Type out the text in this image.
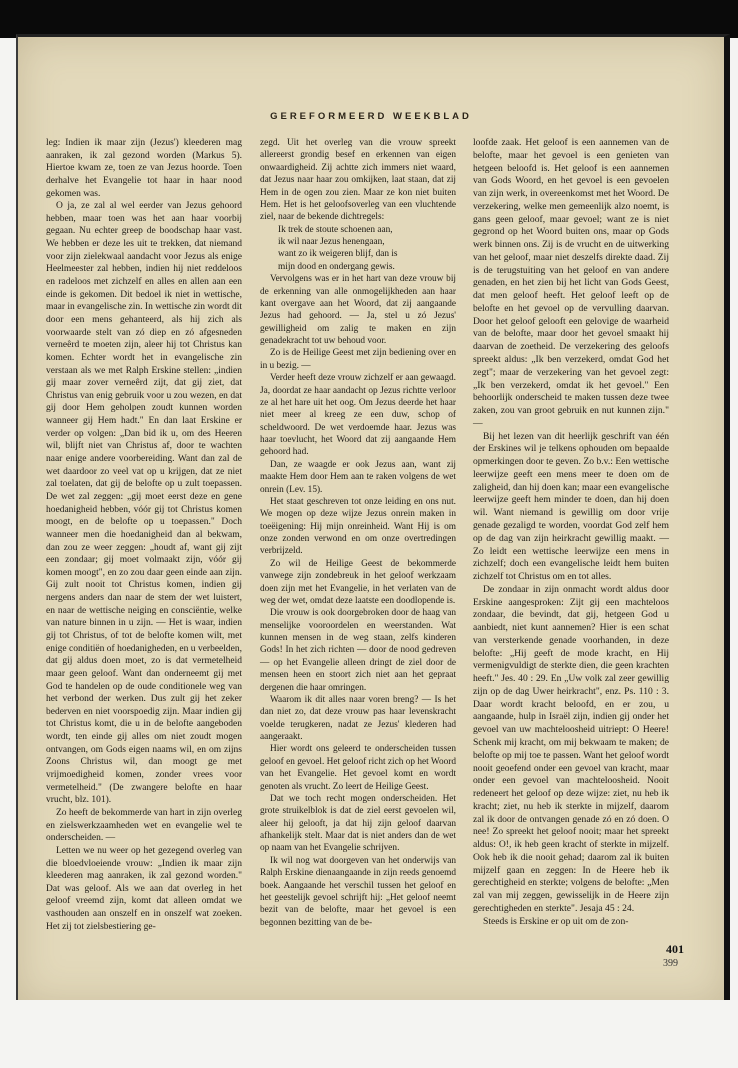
GEREFORMEERD WEEKBLAD

leg: Indien ik maar zijn (Jezus') kleederen mag aanraken, ik zal gezond worden (Markus 5). Hiertoe kwam ze, toen ze van Jezus hoorde. Toen derhalve het Evangelie tot haar in haar nood gekomen was.

O ja, ze zal al wel eerder van Jezus gehoord hebben, maar toen was het aan haar voorbij gegaan. Nu echter greep de boodschap haar vast. We hebben er deze les uit te trekken, dat niemand voor zijn zielekwaal aandacht voor Jezus als enige Heelmeester zal hebben, indien hij niet reddeloos en radeloos met zichzelf en alles en allen aan een einde is gekomen. Dit bedoel ik niet in wettische, maar in evangelische zin. In wettische zin wordt dit door een mens gehanteerd, als hij zich als voorwaarde stelt van zó diep en zó afgesneden verneêrd te moeten zijn, aleer hij tot Christus kan komen. Echter wordt het in evangelische zin verstaan als we met Ralph Erskine stellen: „indien gij maar zover verneêrd zijt, dat gij ziet, dat Christus van enig gebruik voor u zou wezen, en dat gij door Hem geholpen zoudt kunnen worden wanneer gij Hem hadt." En dan laat Erskine er verder op volgen: „Dan bid ik u, om des Heeren wil, blijft niet van Christus af, door te wachten naar enige andere voorbereiding. Want dan zal de wet daardoor zo veel vat op u krijgen, dat ze niet zal toelaten, dat gij de belofte op u zult toepassen. De wet zal zeggen: „gij moet eerst deze en gene hoedanigheid hebben, vóór gij tot Christus komen moogt, en de belofte op u toepassen." Doch wanneer men die hoedanigheid dan al bekwam, dan zou ze weer zeggen: „houdt af, want gij zijt een zondaar; gij moet volmaakt zijn, vóór gij komen moogt", en zo zou daar geen einde aan zijn. Gij zult nooit tot Christus komen, indien gij nergens anders dan naar de stem der wet luistert, en naar de wettische neiging en consciëntie, welke van nature binnen in u zijn. — Het is waar, indien gij tot Christus, of tot de belofte komen wilt, met enige conditiën of hoedanigheden, en u verbeelden, dat gij aldus doen moet, zo is dat vermetelheid maar geen geloof. Want dan onderneemt gij met God te handelen op de oude conditionele weg van het verbond der werken. Dus zult gij het zeker bederven en niet voorspoedig zijn. Maar indien gij tot Christus komt, die u in de belofte aangeboden wordt, ten einde gij alles om niet zoudt mogen ontvangen, om Gods eigen naams wil, en om zijns Zoons Christus wil, dan moogt ge met vrijmoedigheid komen, zonder vrees voor vermetelheid." (De zwangere belofte en haar vrucht, blz. 101).

Zo heeft de bekommerde van hart in zijn overleg en zielswerkzaamheden wet en evangelie wel te onderscheiden. —

Letten we nu weer op het gezegend overleg van die bloedvloeiende vrouw: „Indien ik maar zijn kleederen mag aanraken, ik zal gezond worden." Dat was geloof. Als we aan dat overleg in het geloof vreemd zijn, komt dat alleen omdat we vasthouden aan onszelf en in onszelf wat zoeken. Het zij tot zielsbestiering ge-

zegd. Uit het overleg van die vrouw spreekt allereerst grondig besef en erkennen van eigen onwaardigheid. Zij achtte zich immers niet waard, dat Jezus naar haar zou omkijken, laat staan, dat zij Hem in de ogen zou zien. Maar ze kon niet buiten Hem. Het is het geloofsoverleg van een vluchtende ziel, naar de bekende dichtregels:

Ik trek de stoute schoenen aan,
ik wil naar Jezus henengaan,
want zo ik weigeren blijf, dan is
mijn dood en ondergang gewis.

Vervolgens was er in het hart van deze vrouw bij de erkenning van alle onmogelijkheden aan haar kant overgave aan het Woord, dat zij aangaande Jezus had gehoord. — Ja, stel u zó Jezus' gewilligheid om zalig te maken en zijn genadekracht tot uw behoud voor.

Zo is de Heilige Geest met zijn bediening over en in u bezig. —

Verder heeft deze vrouw zichzelf er aan gewaagd. Ja, doordat ze haar aandacht op Jezus richtte verloor ze al het hare uit het oog. Om Jezus deerde het haar niet meer al kreeg ze een duw, schop of scheldwoord. De wet verdoemde haar. Jezus was haar toevlucht, het Woord dat zij aangaande Hem gehoord had.

Dan, ze waagde er ook Jezus aan, want zij maakte Hem door Hem aan te raken volgens de wet onrein (Lev. 15).

Het staat geschreven tot onze leiding en ons nut. We mogen op deze wijze Jezus onrein maken in toeëigening: Hij mijn onreinheid. Want Hij is om onze zonden verwond en om onze overtredingen verbrijzeld.

Zo wil de Heilige Geest de bekommerde vanwege zijn zondebreuk in het geloof werkzaam doen zijn met het Evangelie, in het verlaten van de weg der wet, omdat deze laatste een doodlopende is.

Die vrouw is ook doorgebroken door de haag van menselijke vooroordelen en weerstanden. Wat kunnen mensen in de weg staan, zelfs kinderen Gods! In het zich richten — door de nood gedreven — op het Evangelie alleen dringt de ziel door de mensen heen en stoort zich niet aan het gepraat dergenen die haar omringen.

Waarom ik dit alles naar voren breng? — Is het dan niet zo, dat deze vrouw pas haar levenskracht voelde terugkeren, nadat ze Jezus' klederen had aangeraakt.

Hier wordt ons geleerd te onderscheiden tussen geloof en gevoel. Het geloof richt zich op het Woord van het Evangelie. Het gevoel komt en wordt genoten als vrucht. Zo leert de Heilige Geest.

Dat we toch recht mogen onderscheiden. Het grote struikelblok is dat de ziel eerst gevoelen wil, aleer hij gelooft, ja dat hij zijn geloof daarvan afhankelijk stelt. Maar dat is niet anders dan de wet op naam van het Evangelie schrijven.

Ik wil nog wat doorgeven van het onderwijs van Ralph Erskine dienaangaande in zijn reeds genoemd boek. Aangaande het verschil tussen het geloof en het geestelijk gevoel schrijft hij: „Het geloof neemt bezit van de belofte, maar het gevoel is een begonnen bezitting van de be-

loofde zaak. Het geloof is een aannemen van de belofte, maar het gevoel is een genieten van hetgeen beloofd is. Het geloof is een aannemen van Gods Woord, en het gevoel is een gevoelen van zijn werk, in overeenkomst met het Woord. De verzekering, welke men gemeenlijk alzo noemt, is gans geen geloof, maar gevoel; want ze is niet gegrond op het Woord buiten ons, maar op Gods werk binnen ons. Zij is de vrucht en de uitwerking van het geloof, maar niet deszelfs direkte daad. Zij is de terugstuiting van het geloof en van andere genaden, en het zien bij het licht van Gods Geest, dat men geloof heeft. Het geloof leeft op de belofte en het gevoel op de vervulling daarvan. Door het geloof gelooft een gelovige de waarheid van de belofte, maar door het gevoel smaakt hij daarvan de zoetheid. De verzekering des geloofs spreekt aldus: „Ik ben verzekerd, omdat God het zegt"; maar de verzekering van het gevoel zegt: „Ik ben verzekerd, omdat ik het gevoel." Een behoorlijk onderscheid te maken tussen deze twee zaken, zou van groot gebruik en nut kunnen zijn." —

Bij het lezen van dit heerlijk geschrift van één der Erskines wil je telkens ophouden om bepaalde opmerkingen door te geven. Zo b.v.: Een wettische leerwijze geeft een mens meer te doen om de zaligheid, dan hij doen kan; maar een evangelische leerwijze geeft hem minder te doen, dan hij doen wil. Want niemand is gewillig om door vrije genade gezaligd te worden, voordat God zelf hem op de dag van zijn heirkracht gewillig maakt. — Zo leidt een wettische leerwijze een mens in zichzelf; doch een evangelische leidt hem buiten zichzelf tot Christus om en tot alles.

De zondaar in zijn onmacht wordt aldus door Erskine aangesproken: Zijt gij een machteloos zondaar, die bevindt, dat gij, hetgeen God u aanbiedt, niet kunt aannemen? Hier is een schat van versterkende genade voorhanden, in deze belofte: „Hij geeft de mode kracht, en Hij vermenigvuldigt de sterkte dien, die geen krachten heeft." Jes. 40 : 29. En „Uw volk zal zeer gewillig zijn op de dag Uwer heirkracht", enz. Ps. 110 : 3. Daar wordt kracht beloofd, en er zou, u aangaande, hulp in Israël zijn, indien gij onder het gevoel van uw machteloosheid uitriept: O Heere! Schenk mij kracht, om mij bekwaam te maken; de belofte op mij toe te passen. Want het geloof wordt nooit geoefend onder een gevoel van kracht, maar onder een gevoel van machteloosheid. Nooit redeneert het geloof op deze wijze: ziet, nu heb ik kracht; ziet, nu heb ik sterkte in mijzelf, daarom zal ik door de ontvangen genade zó en zó doen. O nee! Zo spreekt het geloof nooit; maar het spreekt aldus: O!, ik heb geen kracht of sterkte in mijzelf. Ook heb ik die nooit gehad; daarom zal ik buiten mijzelf gaan en zeggen: In de Heere heb ik gerechtigheid en sterkte; volgens de belofte: „Men zal van mij zeggen, gewisselijk in de Heere zijn gerechtigheden en sterkte". Jesaja 45 : 24.

Steeds is Erskine er op uit om de zon-

401
399
